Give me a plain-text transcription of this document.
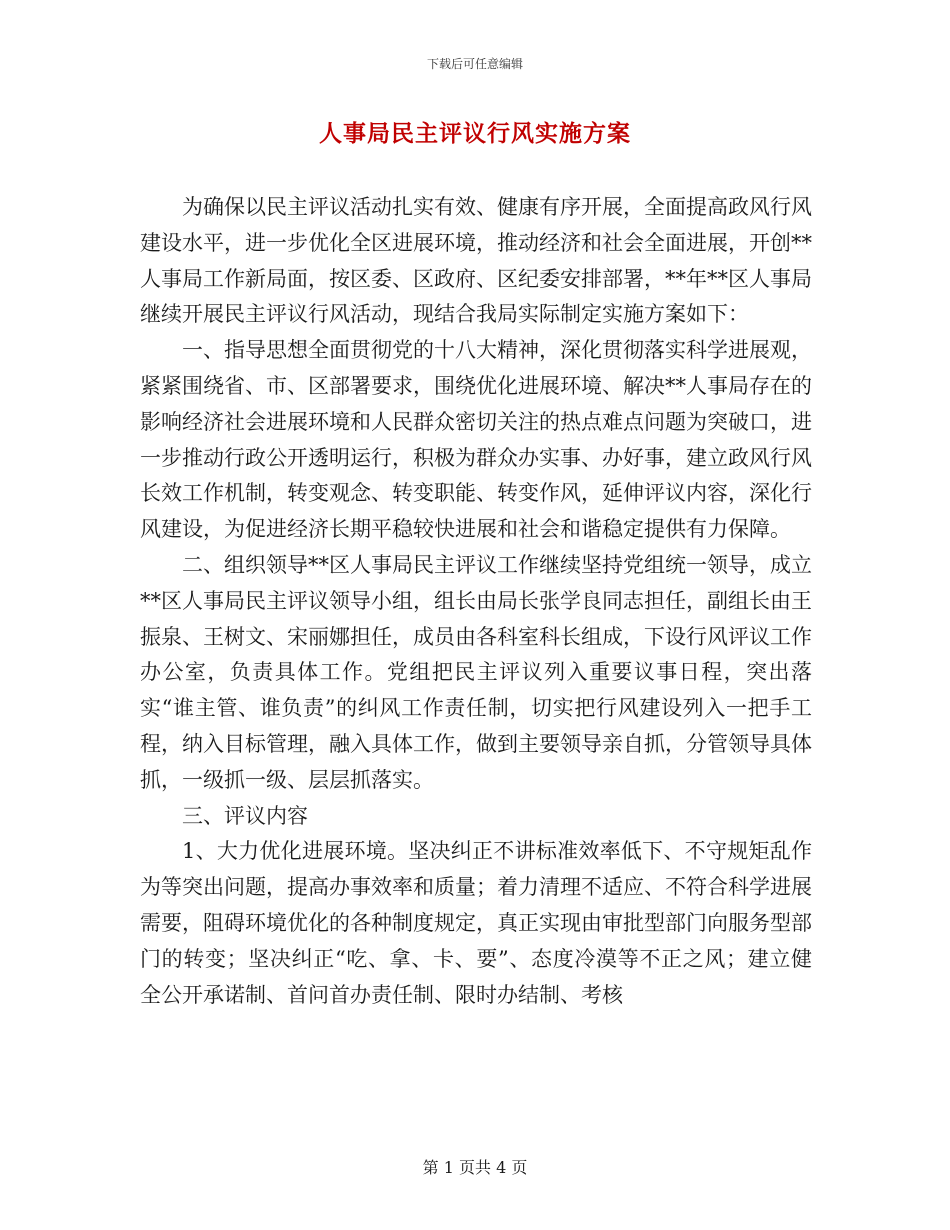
下载后可任意编辑
人事局民主评议行风实施方案

为确保以民主评议活动扎实有效、健康有序开展，全面提高政风行风建设水平，进一步优化全区进展环境，推动经济和社会全面进展，开创**人事局工作新局面，按区委、区政府、区纪委安排部署，**年**区人事局继续开展民主评议行风活动，现结合我局实际制定实施方案如下：

一、指导思想全面贯彻党的十八大精神，深化贯彻落实科学进展观，紧紧围绕省、市、区部署要求，围绕优化进展环境、解决**人事局存在的影响经济社会进展环境和人民群众密切关注的热点难点问题为突破口，进一步推动行政公开透明运行，积极为群众办实事、办好事，建立政风行风长效工作机制，转变观念、转变职能、转变作风，延伸评议内容，深化行风建设，为促进经济长期平稳较快进展和社会和谐稳定提供有力保障。

二、组织领导**区人事局民主评议工作继续坚持党组统一领导，成立**区人事局民主评议领导小组，组长由局长张学良同志担任，副组长由王振泉、王树文、宋丽娜担任，成员由各科室科长组成，下设行风评议工作办公室，负责具体工作。党组把民主评议列入重要议事日程，突出落实“谁主管、谁负责”的纠风工作责任制，切实把行风建设列入一把手工程，纳入目标管理，融入具体工作，做到主要领导亲自抓，分管领导具体抓，一级抓一级、层层抓落实。

三、评议内容

1、大力优化进展环境。坚决纠正不讲标准效率低下、不守规矩乱作为等突出问题，提高办事效率和质量；着力清理不适应、不符合科学进展需要，阻碍环境优化的各种制度规定，真正实现由审批型部门向服务型部门的转变；坚决纠正“吃、拿、卡、要”、态度冷漠等不正之风；建立健全公开承诺制、首问首办责任制、限时办结制、考核

第 1 页共 4 页
